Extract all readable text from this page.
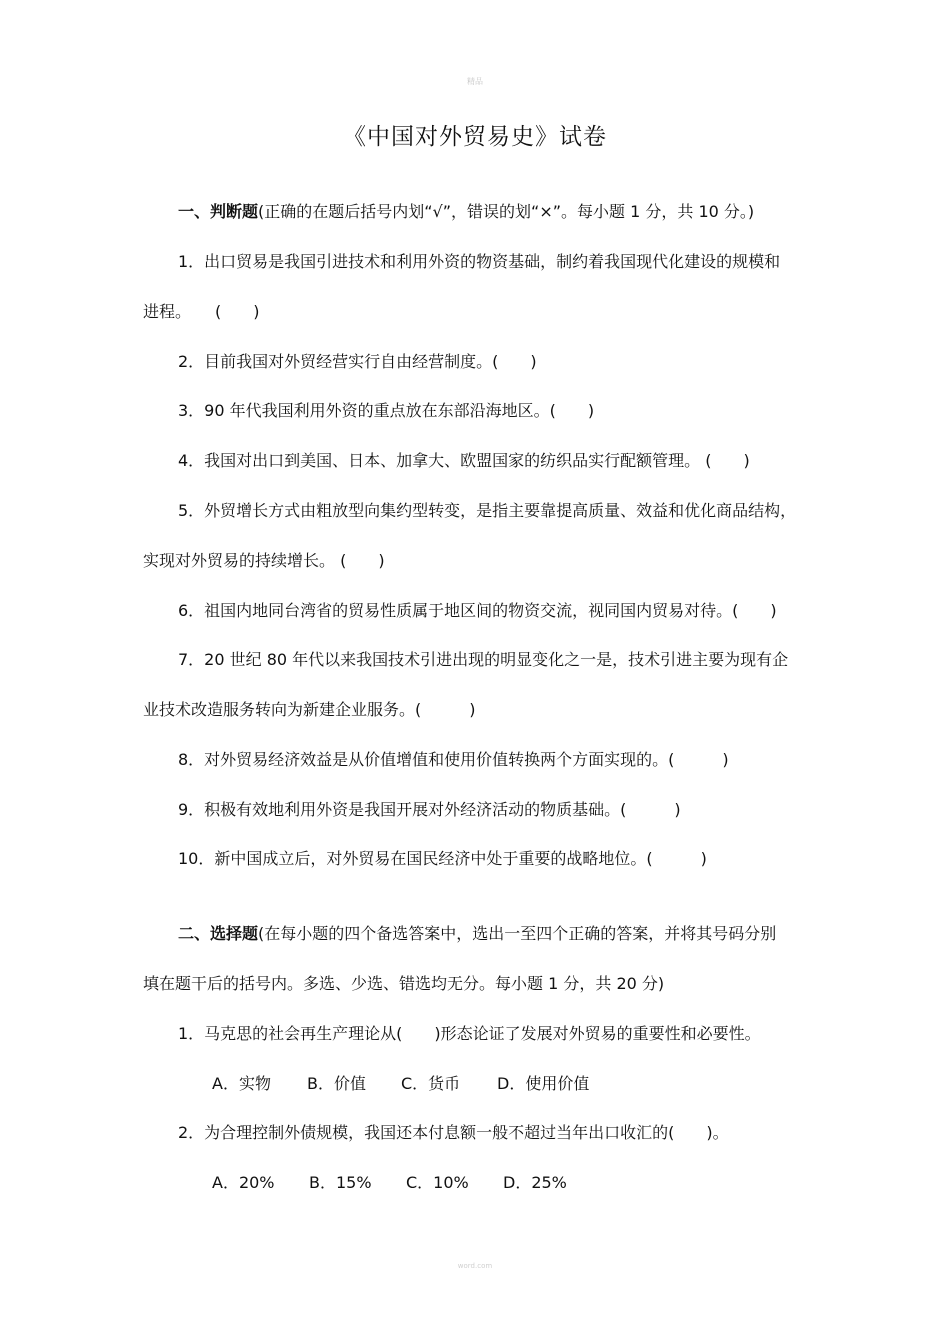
精品
《中国对外贸易史》试卷
一、判断题(正确的在题后括号内划“√”，错误的划“×”。每小题 1 分，共 10 分。)
1．出口贸易是我国引进技术和利用外资的物资基础，制约着我国现代化建设的规模和
进程。　　(　　)
2．目前我国对外贸经营实行自由经营制度。(　　)
3．90 年代我国利用外资的重点放在东部沿海地区。(　　)
4．我国对出口到美国、日本、加拿大、欧盟国家的纺织品实行配额管理。 (　　)
5．外贸增长方式由粗放型向集约型转变，是指主要靠提高质量、效益和优化商品结构，
实现对外贸易的持续增长。 (　　)
6．祖国内地同台湾省的贸易性质属于地区间的物资交流，视同国内贸易对待。(　　)
7．20 世纪 80 年代以来我国技术引进出现的明显变化之一是，技术引进主要为现有企
业技术改造服务转向为新建企业服务。(　　　)
8．对外贸易经济效益是从价值增值和使用价值转换两个方面实现的。(　　　)
9．积极有效地利用外资是我国开展对外经济活动的物质基础。(　　　)
10．新中国成立后，对外贸易在国民经济中处于重要的战略地位。(　　　)
二、选择题(在每小题的四个备选答案中，选出一至四个正确的答案，并将其号码分别
填在题干后的括号内。多选、少选、错选均无分。每小题 1 分，共 20 分)
1．马克思的社会再生产理论从(　　)形态论证了发展对外贸易的重要性和必要性。
A．实物 B．价值 C．货币 D．使用价值
2．为合理控制外债规模，我国还本付息额一般不超过当年出口收汇的(　　)。
A．20% B．15% C．10% D．25%
word.com
